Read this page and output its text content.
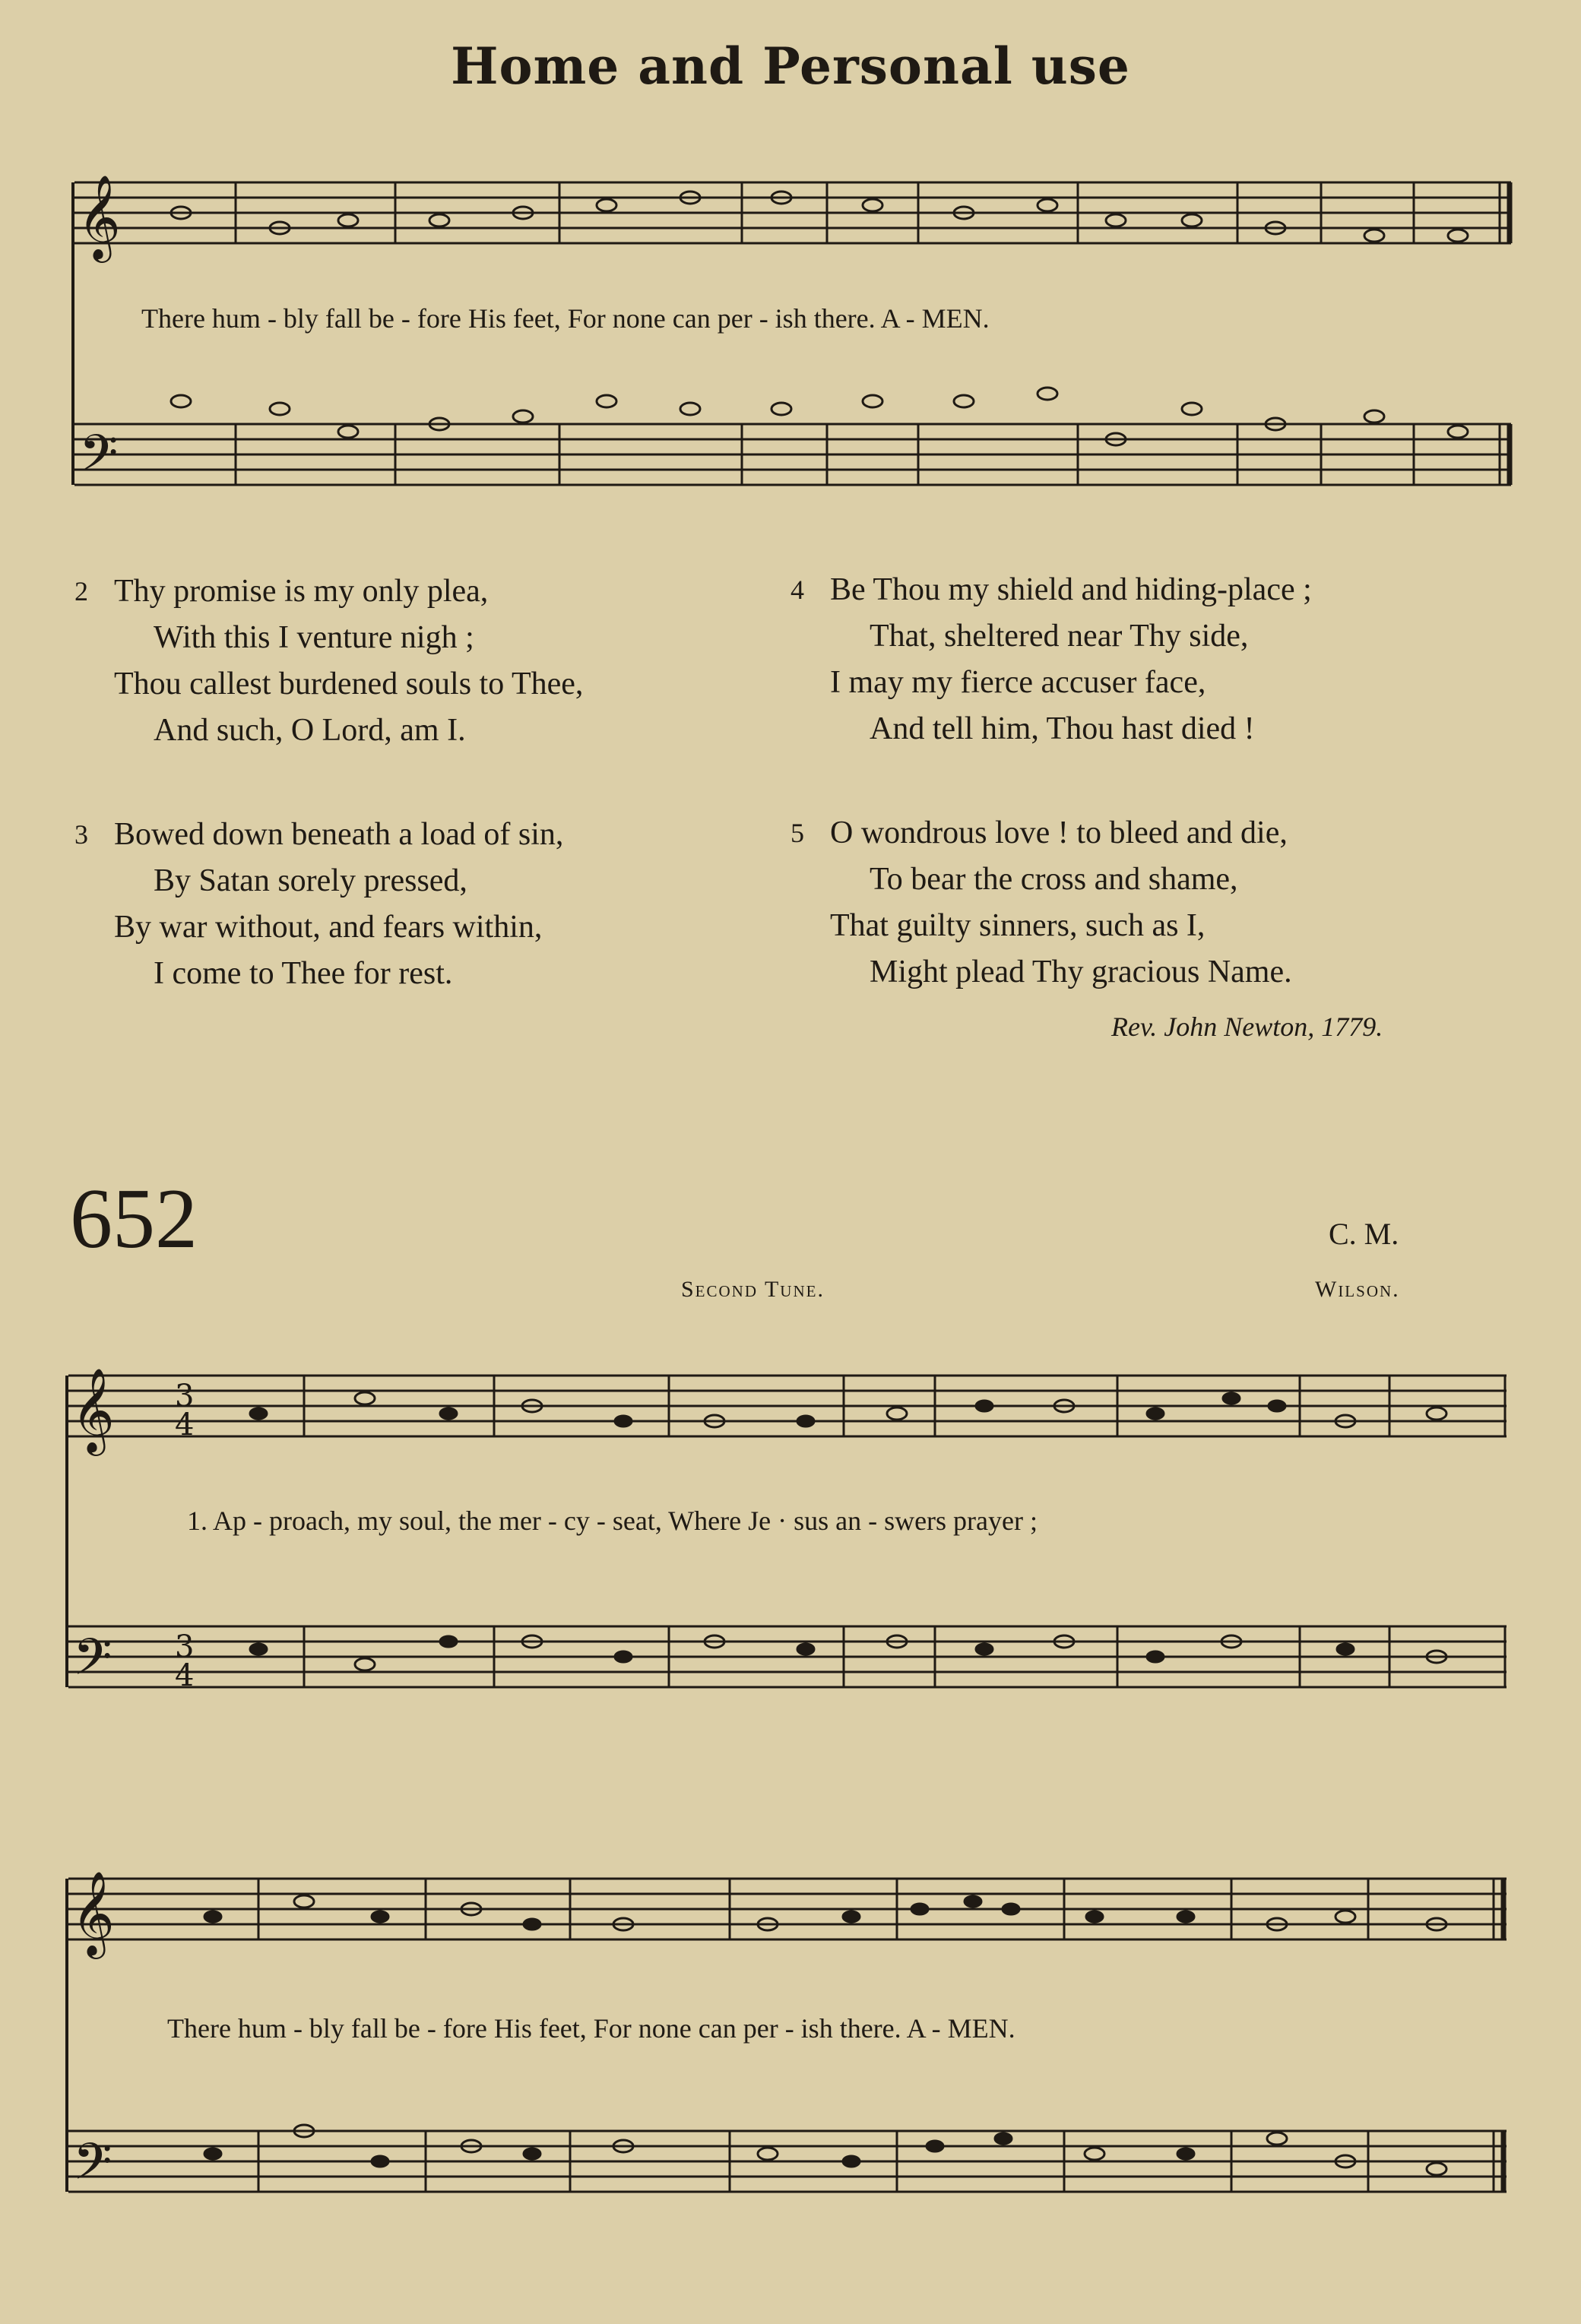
Home and Personal use
𝄞
𝄢
There hum - bly fall be - fore His feet, For none can per - ish there. A - MEN.
2 Thy promise is my only plea,
With this I venture nigh ;
Thou callest burdened souls to Thee,
And such, O Lord, am I.
3 Bowed down beneath a load of sin,
By Satan sorely pressed,
By war without, and fears within,
I come to Thee for rest.
4 Be Thou my shield and hiding-place ;
That, sheltered near Thy side,
I may my fierce accuser face,
And tell him, Thou hast died !
5 O wondrous love ! to bleed and die,
To bear the cross and shame,
That guilty sinners, such as I,
Might plead Thy gracious Name.
Rev. John Newton, 1779.
652	C. M.
Second Tune.	Wilson.
𝄞
𝄢
3
4
3
4
1. Ap - proach, my soul, the mer - cy - seat, Where Je · sus an - swers prayer ;
𝄞
𝄢
There hum - bly fall be - fore His feet, For none can per - ish there. A - MEN.
